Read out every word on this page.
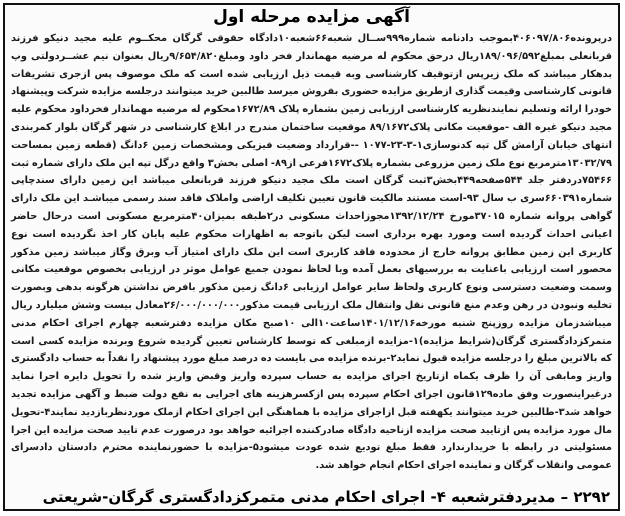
آگهی مزایده مرحله اول

درپرونده۴۰۶۰۹۷/۸۰۶بموجب دادنامه شماره۹۹۹ســال شعبه۶۶شعبه۱۰دادگاه حقوقی گرگان محکــوم علیه مجید دنیکو فرزند قربانعلی بمبلغ۱۸۹/۰۹۶/۵۹۲ریال درحق محکوم له مرضیه مهماندار فخر داود ومبلغ۹/۶۵۴/۸۲۰ریال بعنوان نیم عشــردولتی وپ بدهکار میباشد که ملک زیرپس ازتوقیف کارشناسی وبه قیمت ذیل ارزیابی شده است که ملک موصوف پس ازجری تشریفات قانونی کارشناسی وقیمت گذاری ازطریق مزایده حضوری بفروش میرسد طالبین خرید میتوانند درجلسه مزایده شرکت وپیشنهاد خودرا ارائه وتسلیم نمایندنظریه کارشناسی ارزیابی زمین بشماره پلاک ۱۶۷۲/۸۹محکوم له مرضیه مهماندار فخرداود محکوم علیه مجید دنیکو غیره الف -موقعیت مکانی پلاک۸۹/۱۶۷۲ موقعیت ساختمان مندرج در ابلاغ کارشناسی در شهر گرگان بلوار کمربندی انتهای خیابان آرامش گل تپه کدنوسازی۱-۳-۲۳-۱۰۷۷ --قرارداد وضعیت فیزیکی ومشخصات زمین ۶دانگ (قطعه زمین بمساحت ۱۳۰۳۲/۷۹مترمربع نوع ملک زمین مزروعی بشماره پلاک۱۶۷۲فرعی از۸۹- اصلی بخش۳ واقع درگل تپه این ملک دارای شماره ثبت ۷۵۴۶۶دردفتر جلد ۵۴۴صفحه۴۴۹بخش۳ثبت گرگان است ملک مجید دنیکو فرزند قربانعلی میباشد این زمین دارای سندچاپی شماره۶۶۰۳۹۱سری ب سال ۹۳-است مستند مالکیت قانون تعیین تکلیف اراضی واملاک فاقد سند رسمی میباشـد این ملک دارای گواهی پروانه شماره ۳۷۰۱۵مورخ ۱۳۹۲/۱۲/۲۴مجوزاحداث مسکونی در۲طبقه بمیزان۴۰مترمربع مسکونی است درحال حاضر اعیانی احداث گردیده است ومورد بهره برداری است لیکن باتوجه به اظهارات محکوم علیه پایان کار اخذ نگردیده است نوع کاربری این زمین مطابق پروانه خارج از محدوده فاقد کاربری است این ملک دارای امتیاز آب وبرق وگاز میباشد زمین مذکور محصور است ارزیابی باعنایت به بررسیهای بعمل آمده وبا لحاظ نمودن جمیع عوامل موثر در ارزیابی بخصوص موقعیت مکانی وسمت وضعیت دسترسی ونوع کاربری ولحاظ سایر عوامل ارزیابی ۶دانگ زمین مذکور بافرض نداشتن هرگونه بدهی وبصورت تخلیه ونبودن در رهن وعدم منع قانونی نقل وانتقال ملک ارزیابی قیمت مذکور۲۶/۰۰۰/۰۰۰/۰۰۰معادل بیست وشش میلیارد ریال میباشدزمان مزایده روزپنج شنبه مورخه۱۴۰۱/۱۲/۱۶ساعت۱۰الی ۱۰صبح مکان مزایده دفترشعبه چهارم اجرای احکام مدنی متمرکزدادگستری گرگان(شرایط مزایده)۱-مزایده ازمبلغی که توسط کارشناس تعیین گردیده شروع وبرنده مزایده کسی است که بالاترین مبلغ را درجلسه مزایده قبول نماید۲-برنده مزایده می بایست ده درصد مبلغ مورد پیشنهاد را نقداً به حساب دادگستری واریز ومابقی آن را ظرف یکماه ازتاریخ اجرای مزایده به حساب سپرده واریز وقبض واریز شده را تحویل دایره اجرا نماید درغیراینصورت وفق ماده۱۲۹قانون اجرای احکام سپرده پس ازکسرهزینه های اجرایی به نفع دولت ضبط و آگهی مزایده تجدید خواهد شد۳-طالبین خرید میتوانند یکهفته قبل ازاجرای مزایده با هماهنگی این اجرای احکام ازملک موردنظربازدید نمایند۴-تحویل مال مورد مزایده پس ازتایید صحت مزایده ازناحیه دادگاه صادرکننده اجرائیه خواهد بود درصورت عدم تایید صحت مزایده این اجرا مسئولیتی در رابطه با خریدارندارد فقط مبلغ تودیع شده عودت میشود۵-مزایده با حضورنماینده محترم دادستان دادسرای عمومی وانقلاب گرگان و نماینده اجرای احکام انجام خواهد شد.

۲۲۹۲ – مدیردفترشعبه ۴- اجرای احکام مدنی متمرکزدادگستری گرگان-شریعتی
